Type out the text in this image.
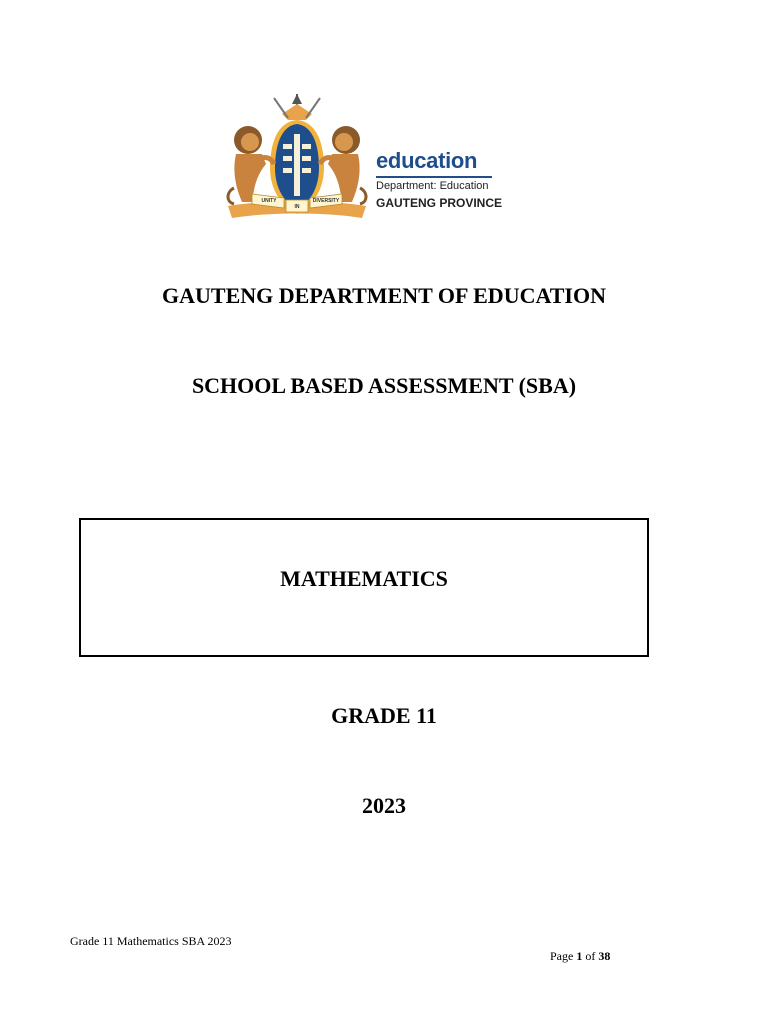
UNITY
IN
DIVERSITY
education
Department: Education
GAUTENG PROVINCE
GAUTENG DEPARTMENT OF EDUCATION
SCHOOL BASED ASSESSMENT (SBA)
MATHEMATICS
GRADE 11
2023
Grade 11 Mathematics SBA 2023
Page 1 of 38
